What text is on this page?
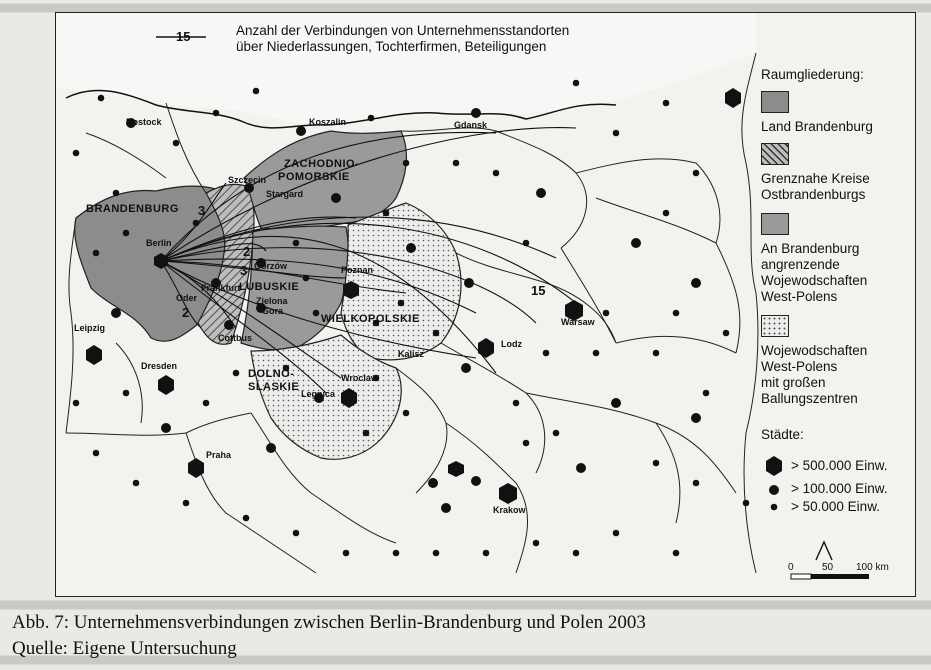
15	Anzahl der Verbindungen von Unternehmensstandorten
über Niederlassungen, Tochterfirmen, Beteiligungen
BRANDENBURG
ZACHODNIO-
POMORSKIE
LUBUSKIE
WIELKOPOLSKIE
DOLNO-
SLASKIE
Rostock	Koszalin	Gdansk
Szczecin
Stargard
Berlin
Gorzów
Frankfurt
Oder	Zielona
Gora
Poznan
Cottbus
Leipzig
Dresden
Legnica
Wroclaw
Kalisz
Lodz
Warsaw
Praha
Krakow
3
2
3
2
15
Raumgliederung:
Land Brandenburg
Grenznahe Kreise
Ostbrandenburgs
An Brandenburg
angrenzende
Wojewodschaften
West-Polens
Wojewodschaften
West-Polens
mit großen
Ballungszentren
Städte:
> 500.000 Einw.
> 100.000 Einw.
> 50.000 Einw.
0	50 100 km
Abb. 7: Unternehmensverbindungen zwischen Berlin-Brandenburg und Polen 2003
Quelle: Eigene Untersuchung
